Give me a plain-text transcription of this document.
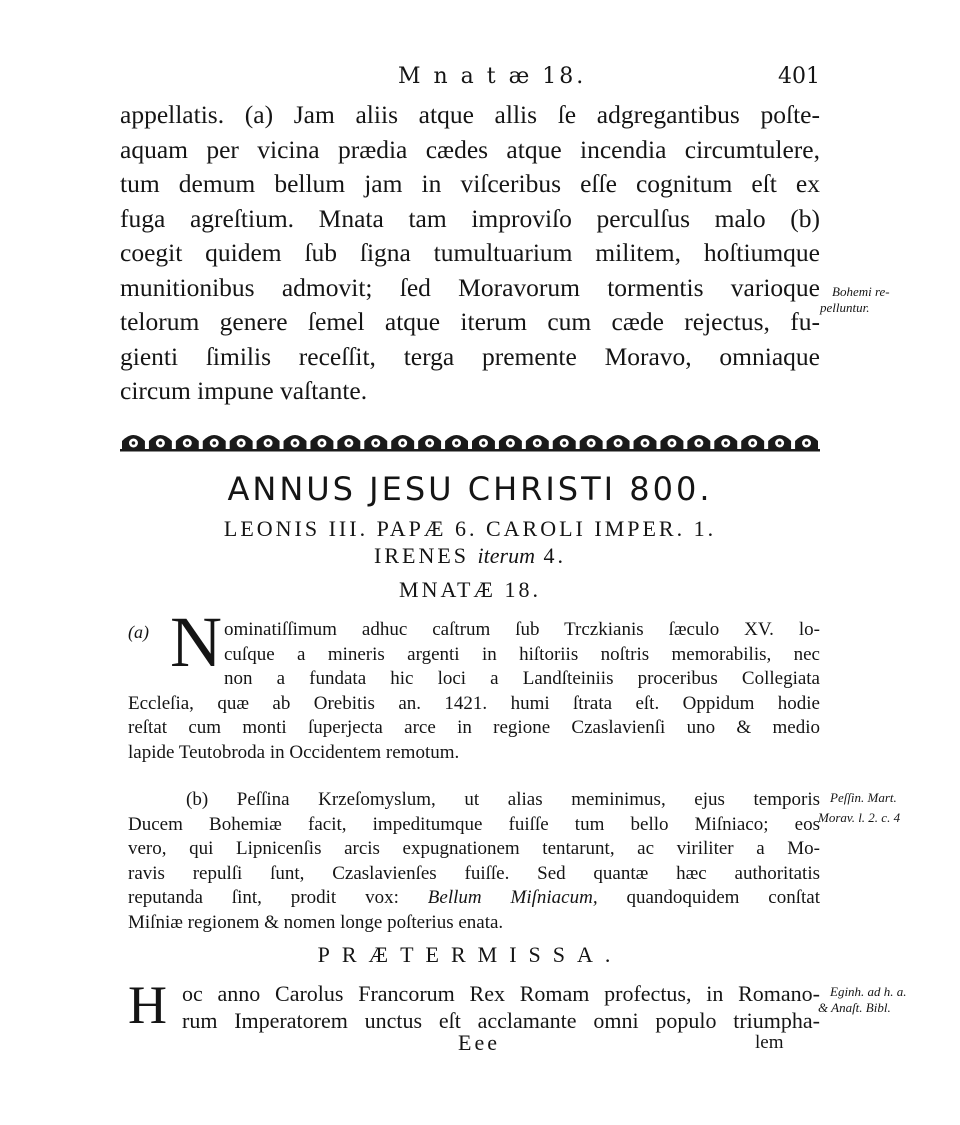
M n a t æ 18.	401
appellatis. (a) Jam aliis atque allis ſe adgregantibus poſte-
aquam per vicina prædia cædes atque incendia circumtulere,
tum demum bellum jam in viſceribus eſſe cognitum eſt ex
fuga agreſtium. Mnata tam improviſo perculſus malo (b)
coegit quidem ſub ſigna tumultuarium militem, hoſtiumque
munitionibus admovit; ſed Moravorum tormentis varioque
telorum genere ſemel atque iterum cum cæde rejectus, fu-
gienti ſimilis receſſit, terga premente Moravo, omniaque
circum impune vaſtante.
Bohemi re-
pelluntur.
ANNUS JESU CHRISTI 800.
LEONIS III. PAPÆ 6. CAROLI IMPER. 1.
IRENES iterum 4.
MNATÆ 18.
(a) N ominatiſſimum adhuc caſtrum ſub Trczkianis ſæculo XV. lo-
cuſque a mineris argenti in hiſtoriis noſtris memorabilis, nec
non a fundata hic loci a Landſteiniis proceribus Collegiata
Eccleſia, quæ ab Orebitis an. 1421. humi ſtrata eſt. Oppidum hodie
reſtat cum monti ſuperjecta arce in regione Czaslavienſi uno & medio
lapide Teutobroda in Occidentem remotum.
(b) Peſſina Krzeſomyslum, ut alias meminimus, ejus temporis
Ducem Bohemiæ facit, impeditumque fuiſſe tum bello Miſniaco; eos
vero, qui Lipnicenſis arcis expugnationem tentarunt, ac viriliter a Mo-
ravis repulſi ſunt, Czaslavienſes fuiſſe. Sed quantæ hæc authoritatis
reputanda ſint, prodit vox: Bellum Miſniacum, quandoquidem conſtat
Miſniæ regionem & nomen longe poſterius enata.
Peſſin. Mart.
Morav. l. 2. c. 4
PRÆTERMISSA.
H oc anno Carolus Francorum Rex Romam profectus, in Romano-
rum Imperatorem unctus eſt acclamante omni populo triumpha-
Eginh. ad h. a.
& Anaſt. Bibl.
Eee	lem
